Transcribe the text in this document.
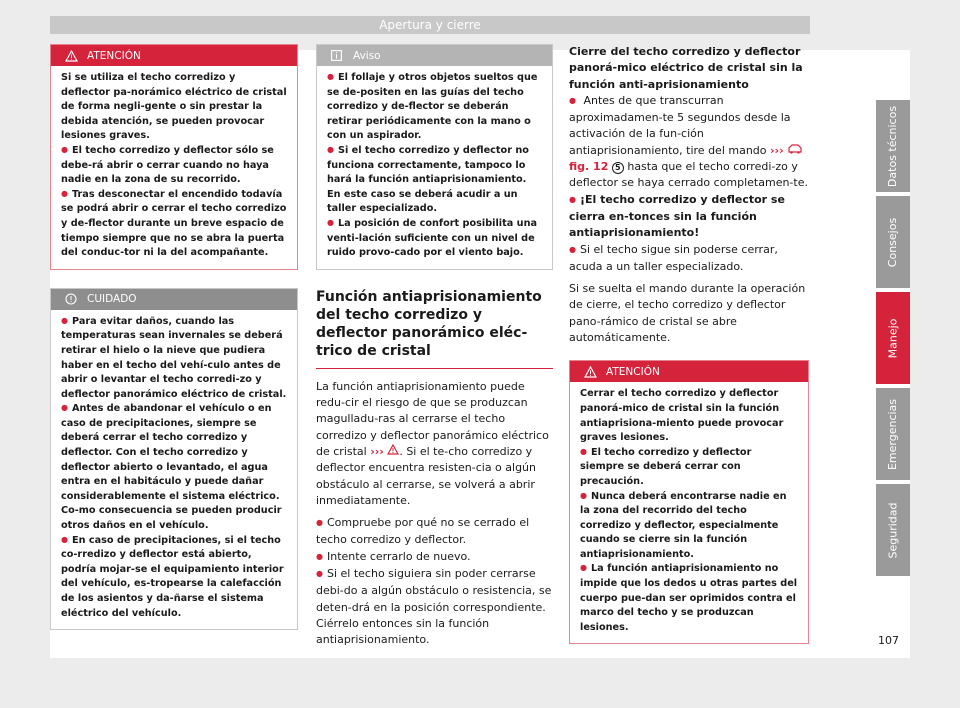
Apertura y cierre
ATENCIÓN

Si se utiliza el techo corredizo y deflector pa-norámico eléctrico de cristal de forma negli-gente o sin prestar la debida atención, se pueden provocar lesiones graves.

● El techo corredizo y deflector sólo se debe-rá abrir o cerrar cuando no haya nadie en la zona de su recorrido.

● Tras desconectar el encendido todavía se podrá abrir o cerrar el techo corredizo y de-flector durante un breve espacio de tiempo siempre que no se abra la puerta del conduc-tor ni la del acompañante.

CUIDADO

● Para evitar daños, cuando las temperaturas sean invernales se deberá retirar el hielo o la nieve que pudiera haber en el techo del vehí-culo antes de abrir o levantar el techo corredi-zo y deflector panorámico eléctrico de cristal.

● Antes de abandonar el vehículo o en caso de precipitaciones, siempre se deberá cerrar el techo corredizo y deflector. Con el techo corredizo y deflector abierto o levantado, el agua entra en el habitáculo y puede dañar considerablemente el sistema eléctrico. Co-mo consecuencia se pueden producir otros daños en el vehículo.

● En caso de precipitaciones, si el techo co-rredizo y deflector está abierto, podría mojar-se el equipamiento interior del vehículo, es-tropearse la calefacción de los asientos y da-ñarse el sistema eléctrico del vehículo.

Aviso

● El follaje y otros objetos sueltos que se de-positen en las guías del techo corredizo y de-flector se deberán retirar periódicamente con la mano o con un aspirador.

● Si el techo corredizo y deflector no funciona correctamente, tampoco lo hará la función antiaprisionamiento. En este caso se deberá acudir a un taller especializado.

● La posición de confort posibilita una venti-lación suficiente con un nivel de ruido provo-cado por el viento bajo.

Función antiaprisionamiento del techo corredizo y deflector panorámico eléc-trico de cristal

La función antiaprisionamiento puede redu-cir el riesgo de que se produzcan magulladu-ras al cerrarse el techo corredizo y deflector panorámico eléctrico de cristal ››› . Si el te-cho corredizo y deflector encuentra resisten-cia o algún obstáculo al cerrarse, se volverá a abrir inmediatamente.

● Compruebe por qué no se cerrado el techo corredizo y deflector.

● Intente cerrarlo de nuevo.

● Si el techo siguiera sin poder cerrarse debi-do a algún obstáculo o resistencia, se deten-drá en la posición correspondiente. Ciérrelo entonces sin la función antiaprisionamiento.

Cierre del techo corredizo y deflector panorá-mico eléctrico de cristal sin la función anti-aprisionamiento

● Antes de que transcurran aproximadamen-te 5 segundos desde la activación de la fun-ción antiaprisionamiento, tire del mando ›››  fig. 12 5 hasta que el techo corredi-zo y deflector se haya cerrado completamen-te.

● ¡El techo corredizo y deflector se cierra en-tonces sin la función antiaprisionamiento!

● Si el techo sigue sin poderse cerrar, acuda a un taller especializado.

Si se suelta el mando durante la operación de cierre, el techo corredizo y deflector pano-rámico de cristal se abre automáticamente.

ATENCIÓN

Cerrar el techo corredizo y deflector panorá-mico de cristal sin la función antiaprisiona-miento puede provocar graves lesiones.

● El techo corredizo y deflector siempre se deberá cerrar con precaución.

● Nunca deberá encontrarse nadie en la zona del recorrido del techo corredizo y deflector, especialmente cuando se cierre sin la función antiaprisionamiento.

● La función antiaprisionamiento no impide que los dedos u otras partes del cuerpo pue-dan ser oprimidos contra el marco del techo y se produzcan lesiones.

Datos técnicos
Consejos
Manejo
Emergencias
Seguridad
107
